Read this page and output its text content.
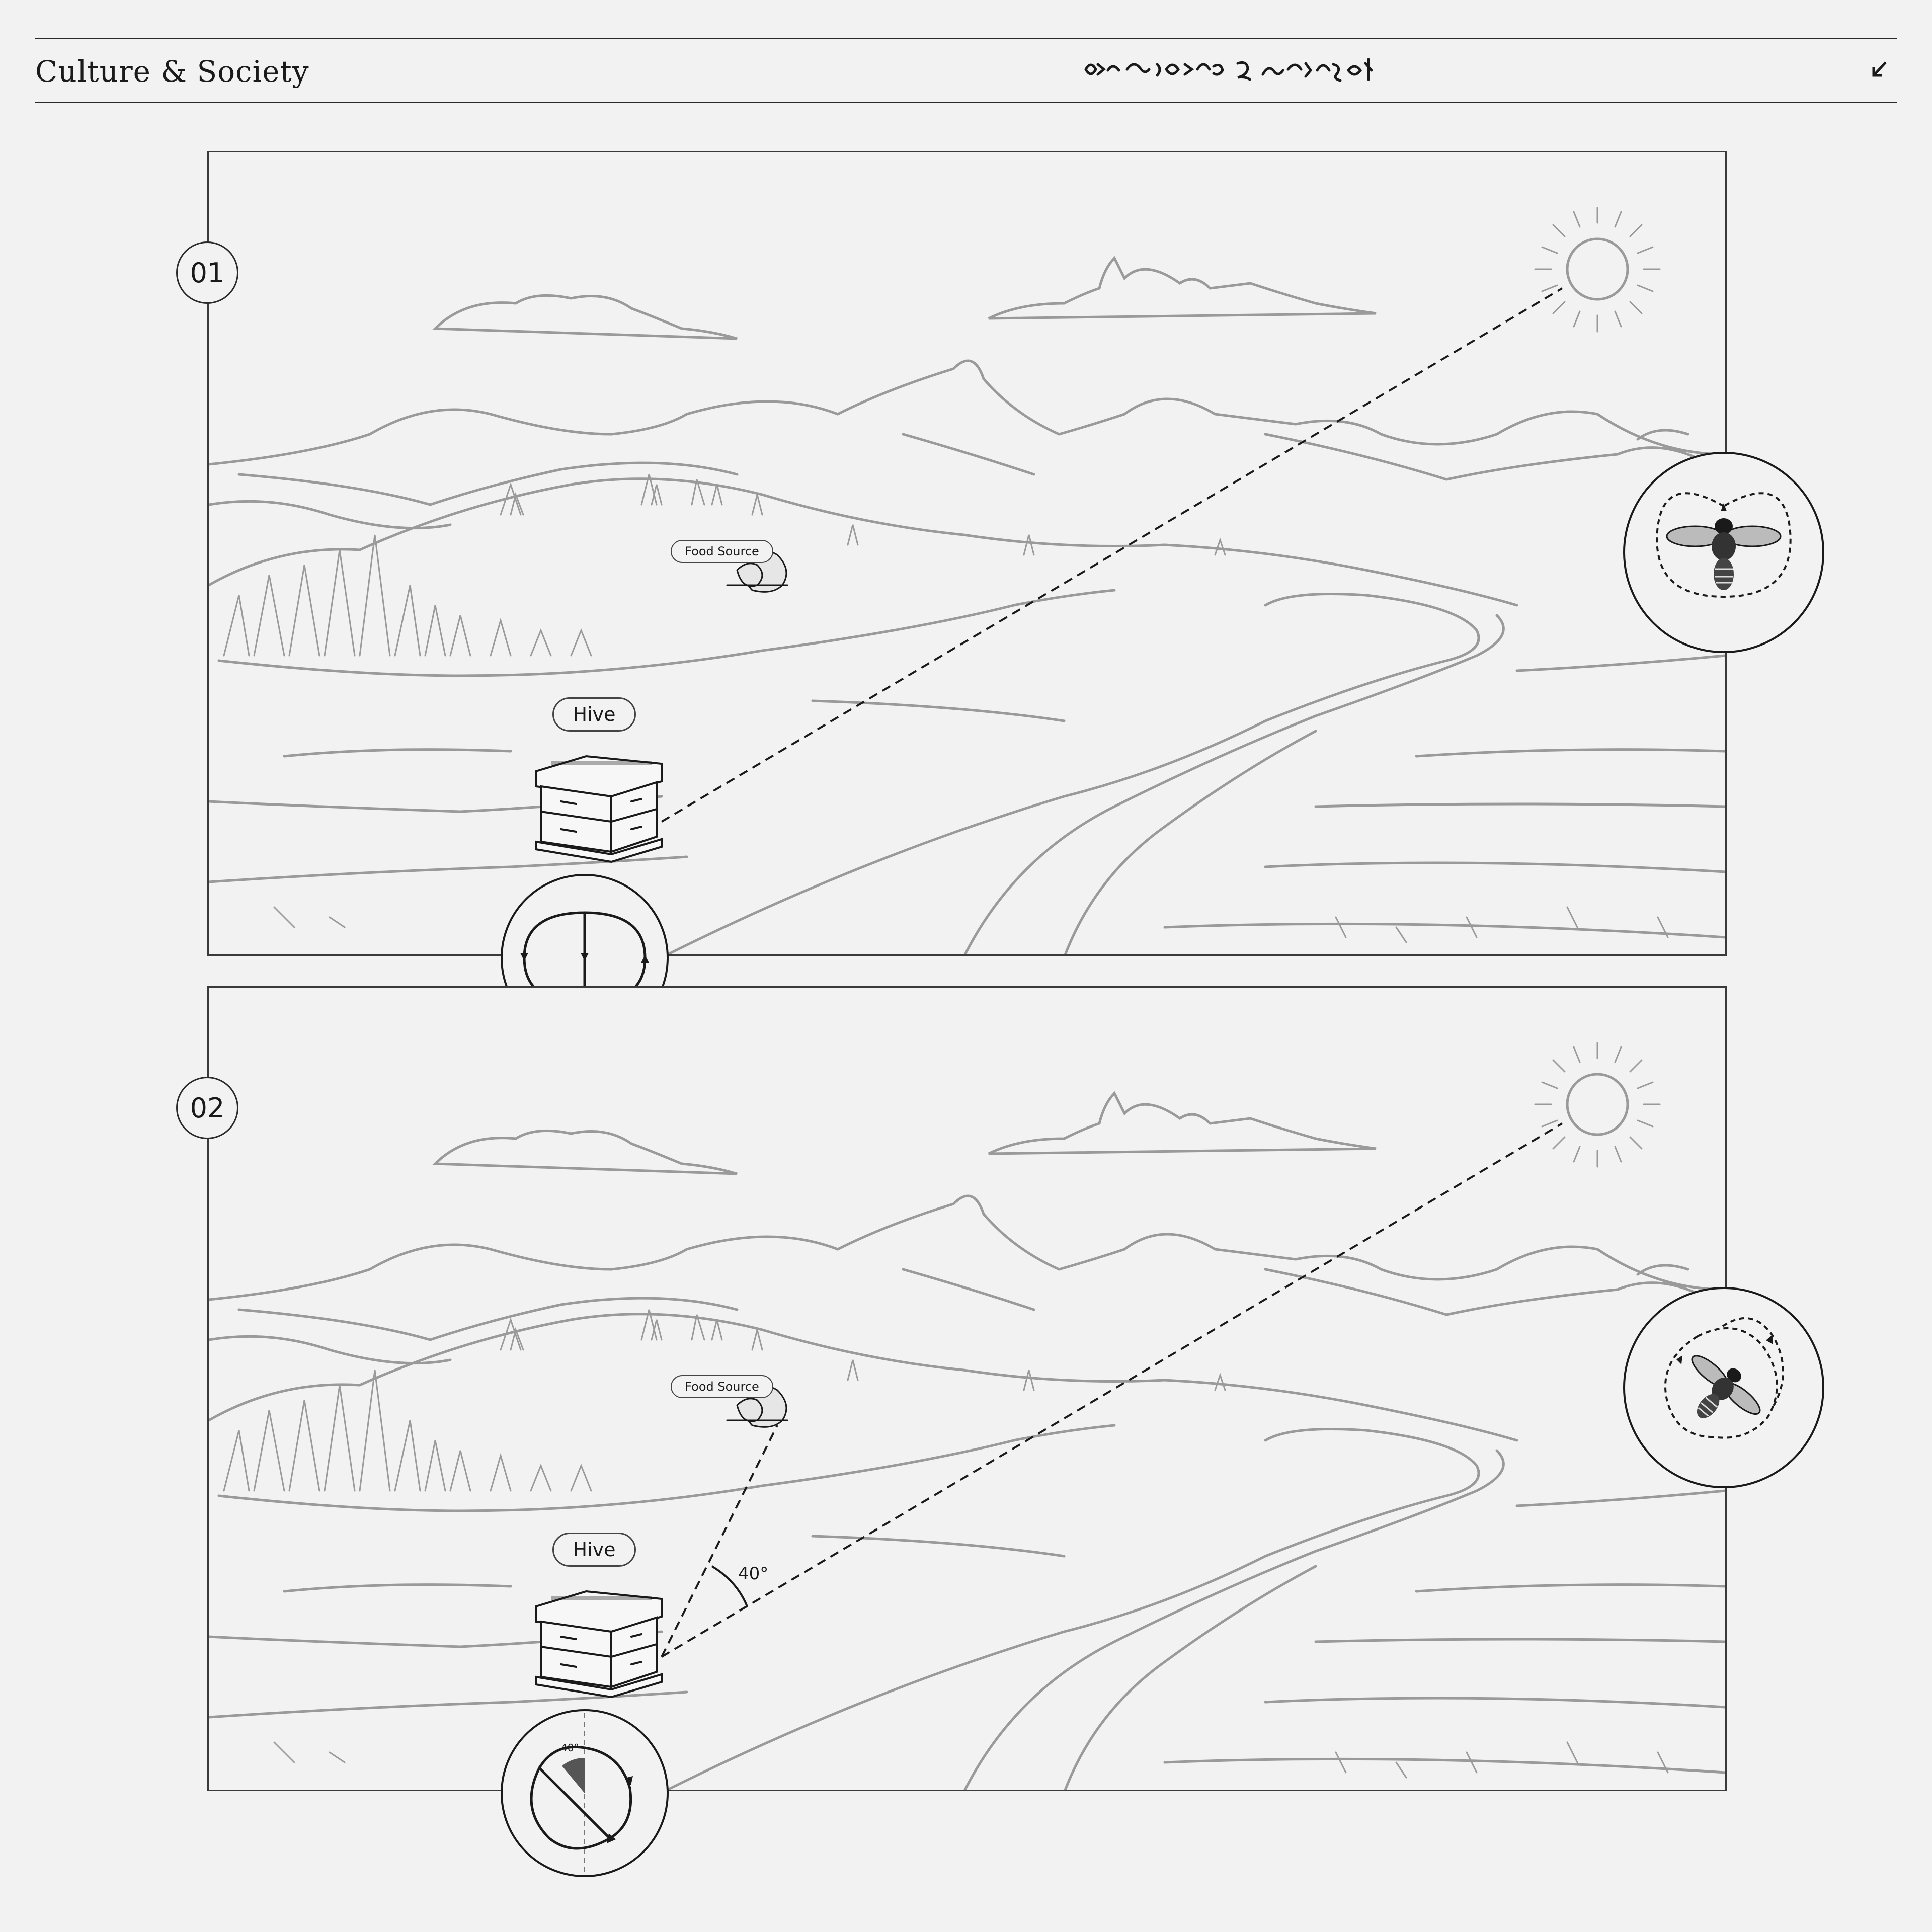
Culture & Society
Hive
Food Source
01
Hive
Food Source
40°
02
40°
